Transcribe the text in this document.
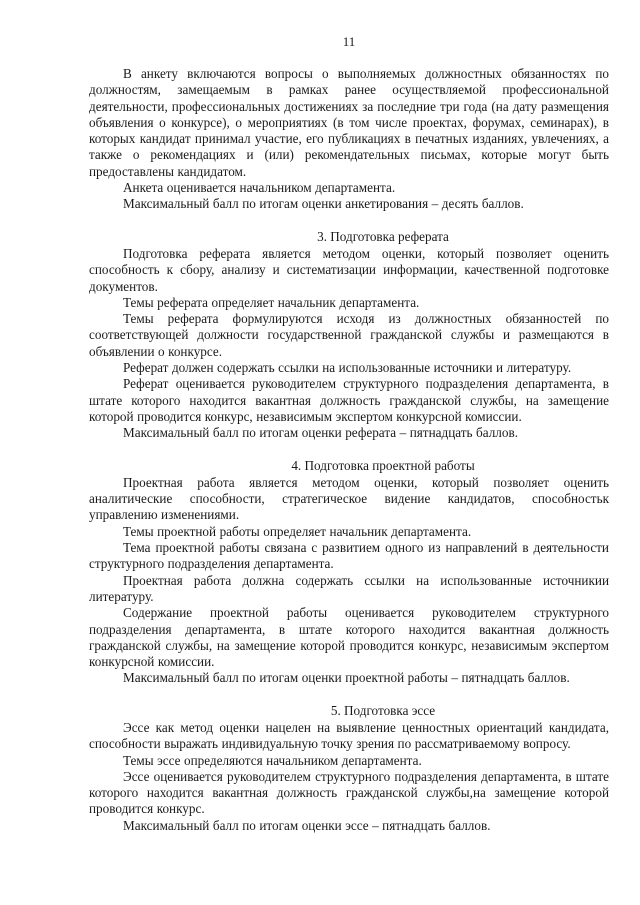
11

В анкету включаются вопросы о выполняемых должностных обязанностях по должностям, замещаемым в рамках ранее осуществляемой профессиональной деятельности, профессиональных достижениях за последние три года (на дату размещения объявления о конкурсе), о мероприятиях (в том числе проектах, форумах, семинарах), в которых кандидат принимал участие, его публикациях в печатных изданиях, увлечениях, а также о рекомендациях и (или) рекомендательных письмах, которые могут быть предоставлены кандидатом.

Анкета оценивается начальником департамента.

Максимальный балл по итогам оценки анкетирования – десять баллов.

3. Подготовка реферата

Подготовка реферата является методом оценки, который позволяет оценить способность к сбору, анализу и систематизации информации, качественной подготовке документов.

Темы реферата определяет начальник департамента.

Темы реферата формулируются исходя из должностных обязанностей по соответствующей должности государственной гражданской службы и размещаются в объявлении о конкурсе.

Реферат должен содержать ссылки на использованные источники и литературу.

Реферат оценивается руководителем структурного подразделения департамента, в штате которого находится вакантная должность гражданской службы, на замещение которой проводится конкурс, независимым экспертом конкурсной комиссии.

Максимальный балл по итогам оценки реферата – пятнадцать баллов.

4. Подготовка проектной работы

Проектная работа является методом оценки, который позволяет оценить аналитические способности, стратегическое видение кандидатов, способностьк управлению изменениями.

Темы проектной работы определяет начальник департамента.

Тема проектной работы связана с развитием одного из направлений в деятельности структурного подразделения департамента.

Проектная работа должна содержать ссылки на использованные источникии литературу.

Содержание проектной работы оценивается руководителем структурного подразделения департамента, в штате которого находится вакантная должность гражданской службы, на замещение которой проводится конкурс, независимым экспертом конкурсной комиссии.

Максимальный балл по итогам оценки проектной работы – пятнадцать баллов.

5. Подготовка эссе

Эссе как метод оценки нацелен на выявление ценностных ориентаций кандидата, способности выражать индивидуальную точку зрения по рассматриваемому вопросу.

Темы эссе определяются начальником департамента.

Эссе оценивается руководителем структурного подразделения департамента, в штате которого находится вакантная должность гражданской службы,на замещение которой проводится конкурс.

Максимальный балл по итогам оценки эссе – пятнадцать баллов.
